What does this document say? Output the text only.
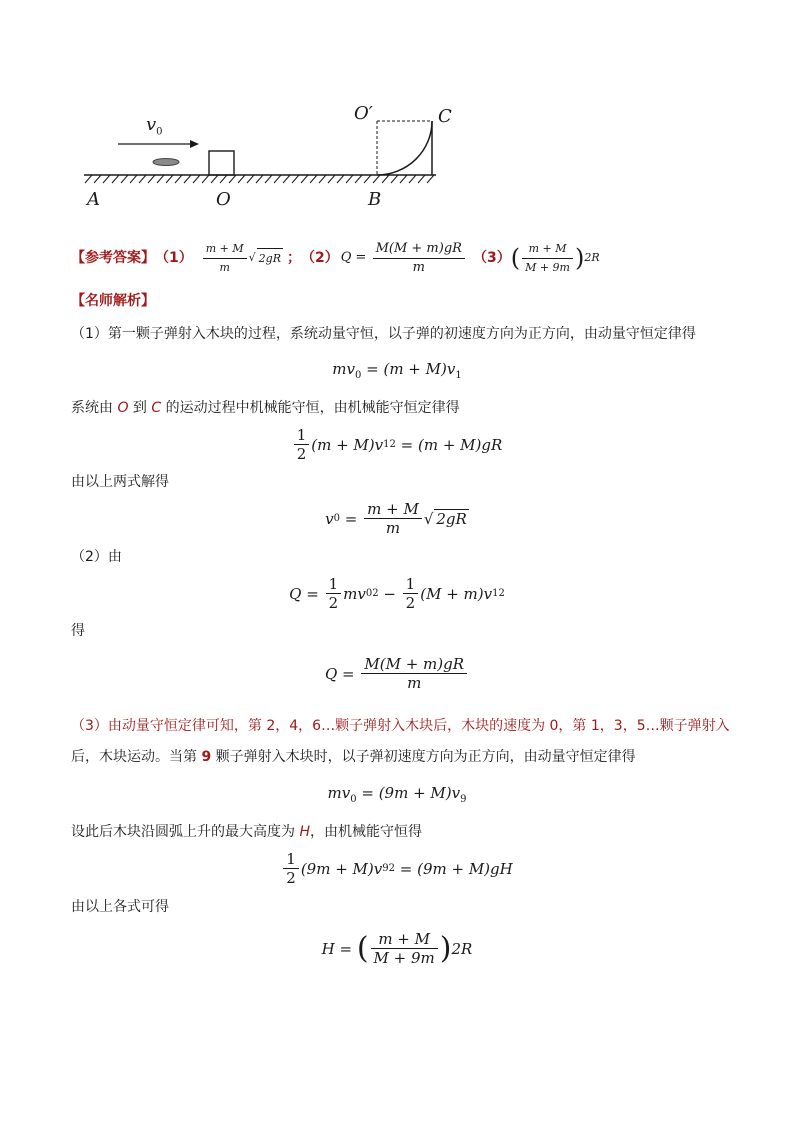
$v_0$
A	O	B
O′	C
【参考答案】 $(1) \frac{m + M}{m}$ √ 2gR ； （2） $Q = \frac{M(M + m)gR}{m} (3)$ ( $\frac{m + M}{M + 9m}$ ) 2R
【名师解析】
（1）第一颗子弹射入木块的过程，系统动量守恒，以子弹的初速度方向为正方向，由动量守恒定律得
$mv_0 = (m + M)v_1$
系统由 O 到 C 的运动过程中机械能守恒，由机械能守恒定律得
$\frac{1}{2} (m + M)v$ 1 2 = (m + M)gR
由以上两式解得
v $0 = \frac{m + M}{m}$ √ 2gR
（2）由
$Q = \frac{1}{2}$ mv 0 $2 - \frac{1}{2} (M + m)v$ 1 2
得
$Q = \frac{M(M + m)gR}{m}$
（3）由动量守恒定律可知，第 2，4，6…颗子弹射入木块后，木块的速度为 0，第 1，3，5…颗子弹射入
后，木块运动。当第 9 颗子弹射入木块时，以子弹初速度方向为正方向，由动量守恒定律得
$mv_0 = (9m + M)v_9$
设此后木块沿圆弧上升的最大高度为 H，由机械能守恒得
$\frac{1}{2} (9m + M)v$ 9 2 = (9m + M)gH
由以上各式可得
H = ( $\frac{m + M}{M + 9m}$ ) 2R
